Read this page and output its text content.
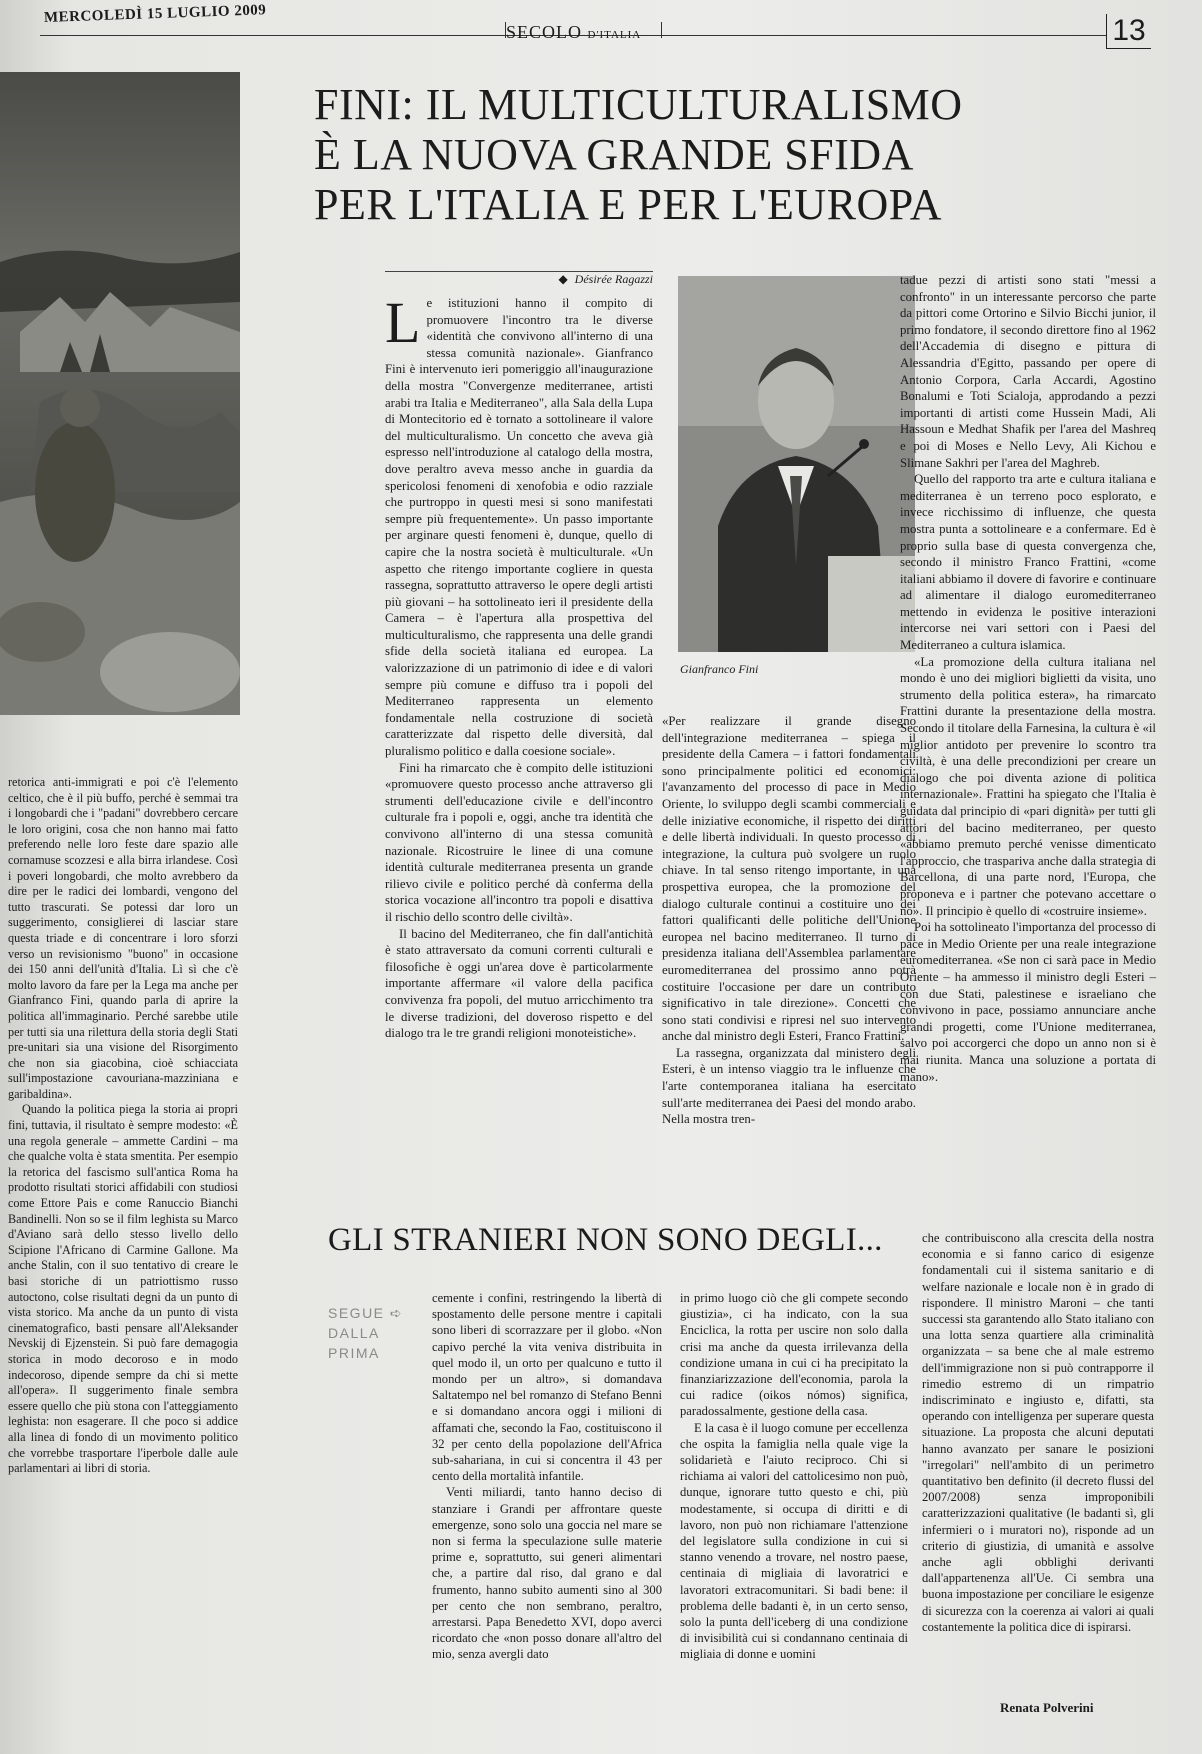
MERCOLEDÌ 15 LUGLIO 2009
SECOLO D'ITALIA	13
FINI: IL MULTICULTURALISMO
È LA NUOVA GRANDE SFIDA
PER L'ITALIA E PER L'EUROPA
◆ Désirée Ragazzi

Le istituzioni hanno il compito di promuovere l'incontro tra le diverse «identità che convivono all'interno di una stessa comunità nazionale». Gianfranco Fini è intervenuto ieri pomeriggio all'inaugurazione della mostra "Convergenze mediterranee, artisti arabi tra Italia e Mediterraneo", alla Sala della Lupa di Montecitorio ed è tornato a sottolineare il valore del multiculturalismo. Un concetto che aveva già espresso nell'introduzione al catalogo della mostra, dove peraltro aveva messo anche in guardia da spericolosi fenomeni di xenofobia e odio razziale che purtroppo in questi mesi si sono manifestati sempre più frequentemente». Un passo importante per arginare questi fenomeni è, dunque, quello di capire che la nostra società è multiculturale. «Un aspetto che ritengo importante cogliere in questa rassegna, soprattutto attraverso le opere degli artisti più giovani – ha sottolineato ieri il presidente della Camera – è l'apertura alla prospettiva del multiculturalismo, che rappresenta una delle grandi sfide della società italiana ed europea. La valorizzazione di un patrimonio di idee e di valori sempre più comune e diffuso tra i popoli del Mediterraneo rappresenta un elemento fondamentale nella costruzione di società caratterizzate dal rispetto delle diversità, dal pluralismo politico e dalla coesione sociale».

Fini ha rimarcato che è compito delle istituzioni «promuovere questo processo anche attraverso gli strumenti dell'educazione civile e dell'incontro culturale fra i popoli e, oggi, anche tra identità che convivono all'interno di una stessa comunità nazionale. Ricostruire le linee di una comune identità culturale mediterranea presenta un grande rilievo civile e politico perché dà conferma della storica vocazione all'incontro tra popoli e disattiva il rischio dello scontro delle civiltà».

Il bacino del Mediterraneo, che fin dall'antichità è stato attraversato da comuni correnti culturali e filosofiche è oggi un'area dove è particolarmente importante affermare «il valore della pacifica convivenza fra popoli, del mutuo arricchimento tra le diverse tradizioni, del doveroso rispetto e del dialogo tra le tre grandi religioni monoteistiche».

Gianfranco Fini

«Per realizzare il grande disegno dell'integrazione mediterranea – spiega il presidente della Camera – i fattori fondamentali sono principalmente politici ed economici: l'avanzamento del processo di pace in Medio Oriente, lo sviluppo degli scambi commerciali e delle iniziative economiche, il rispetto dei diritti e delle libertà individuali. In questo processo di integrazione, la cultura può svolgere un ruolo chiave. In tal senso ritengo importante, in una prospettiva europea, che la promozione del dialogo culturale continui a costituire uno dei fattori qualificanti delle politiche dell'Unione europea nel bacino mediterraneo. Il turno di presidenza italiana dell'Assemblea parlamentare euromediterranea del prossimo anno potrà costituire l'occasione per dare un contributo significativo in tale direzione». Concetti che sono stati condivisi e ripresi nel suo intervento anche dal ministro degli Esteri, Franco Frattini.

La rassegna, organizzata dal ministero degli Esteri, è un intenso viaggio tra le influenze che l'arte contemporanea italiana ha esercitato sull'arte mediterranea dei Paesi del mondo arabo. Nella mostra tren-

tadue pezzi di artisti sono stati "messi a confronto" in un interessante percorso che parte da pittori come Ortorino e Silvio Bicchi junior, il primo fondatore, il secondo direttore fino al 1962 dell'Accademia di disegno e pittura di Alessandria d'Egitto, passando per opere di Antonio Corpora, Carla Accardi, Agostino Bonalumi e Toti Scialoja, approdando a pezzi importanti di artisti come Hussein Madi, Ali Hassoun e Medhat Shafik per l'area del Mashreq e poi di Moses e Nello Levy, Ali Kichou e Slimane Sakhri per l'area del Maghreb.

Quello del rapporto tra arte e cultura italiana e mediterranea è un terreno poco esplorato, e invece ricchissimo di influenze, che questa mostra punta a sottolineare e a confermare. Ed è proprio sulla base di questa convergenza che, secondo il ministro Franco Frattini, «come italiani abbiamo il dovere di favorire e continuare ad alimentare il dialogo euromediterraneo mettendo in evidenza le positive interazioni intercorse nei vari settori con i Paesi del Mediterraneo a cultura islamica.

«La promozione della cultura italiana nel mondo è uno dei migliori biglietti da visita, uno strumento della politica estera», ha rimarcato Frattini durante la presentazione della mostra. Secondo il titolare della Farnesina, la cultura è «il miglior antidoto per prevenire lo scontro tra civiltà, è una delle precondizioni per creare un dialogo che poi diventa azione di politica internazionale». Frattini ha spiegato che l'Italia è guidata dal principio di «pari dignità» per tutti gli attori del bacino mediterraneo, per questo «abbiamo premuto perché venisse dimenticato l'approccio, che traspariva anche dalla strategia di Barcellona, di una parte nord, l'Europa, che proponeva e i partner che potevano accettare o no». Il principio è quello di «costruire insieme».

Poi ha sottolineato l'importanza del processo di pace in Medio Oriente per una reale integrazione euromediterranea. «Se non ci sarà pace in Medio Oriente – ha ammesso il ministro degli Esteri – con due Stati, palestinese e israeliano che convivono in pace, possiamo annunciare anche grandi progetti, come l'Unione mediterranea, salvo poi accorgerci che dopo un anno non si è mai riunita. Manca una soluzione a portata di mano».

retorica anti-immigrati e poi c'è l'elemento celtico, che è il più buffo, perché è semmai tra i longobardi che i "padani" dovrebbero cercare le loro origini, cosa che non hanno mai fatto preferendo nelle loro feste dare spazio alle cornamuse scozzesi e alla birra irlandese. Così i poveri longobardi, che molto avrebbero da dire per le radici dei lombardi, vengono del tutto trascurati. Se potessi dar loro un suggerimento, consiglierei di lasciar stare questa triade e di concentrare i loro sforzi verso un revisionismo "buono" in occasione dei 150 anni dell'unità d'Italia. Lì sì che c'è molto lavoro da fare per la Lega ma anche per Gianfranco Fini, quando parla di aprire la politica all'immaginario. Perché sarebbe utile per tutti sia una rilettura della storia degli Stati pre-unitari sia una visione del Risorgimento che non sia giacobina, cioè schiacciata sull'impostazione cavouriana-mazziniana e garibaldina».

Quando la politica piega la storia ai propri fini, tuttavia, il risultato è sempre modesto: «È una regola generale – ammette Cardini – ma che qualche volta è stata smentita. Per esempio la retorica del fascismo sull'antica Roma ha prodotto risultati storici affidabili con studiosi come Ettore Pais e come Ranuccio Bianchi Bandinelli. Non so se il film leghista su Marco d'Aviano sarà dello stesso livello dello Scipione l'Africano di Carmine Gallone. Ma anche Stalin, con il suo tentativo di creare le basi storiche di un patriottismo russo autoctono, colse risultati degni da un punto di vista storico. Ma anche da un punto di vista cinematografico, basti pensare all'Aleksander Nevskij di Ejzenstein. Si può fare demagogia storica in modo decoroso e in modo indecoroso, dipende sempre da chi si mette all'opera». Il suggerimento finale sembra essere quello che più stona con l'atteggiamento leghista: non esagerare. Il che poco si addice alla linea di fondo di un movimento politico che vorrebbe trasportare l'iperbole dalle aule parlamentari ai libri di storia.

GLI STRANIERI NON SONO DEGLI...
SEGUE ➪
DALLA
PRIMA

cemente i confini, restringendo la libertà di spostamento delle persone mentre i capitali sono liberi di scorrazzare per il globo. «Non capivo perché la vita veniva distribuita in quel modo il, un orto per qualcuno e tutto il mondo per un altro», si domandava Saltatempo nel bel romanzo di Stefano Benni e si domandano ancora oggi i milioni di affamati che, secondo la Fao, costituiscono il 32 per cento della popolazione dell'Africa sub-sahariana, in cui si concentra il 43 per cento della mortalità infantile.

Venti miliardi, tanto hanno deciso di stanziare i Grandi per affrontare queste emergenze, sono solo una goccia nel mare se non si ferma la speculazione sulle materie prime e, soprattutto, sui generi alimentari che, a partire dal riso, dal grano e dal frumento, hanno subito aumenti sino al 300 per cento che non sembrano, peraltro, arrestarsi. Papa Benedetto XVI, dopo averci ricordato che «non posso donare all'altro del mio, senza avergli dato

in primo luogo ciò che gli compete secondo giustizia», ci ha indicato, con la sua Enciclica, la rotta per uscire non solo dalla crisi ma anche da questa irrilevanza della condizione umana in cui ci ha precipitato la finanziarizzazione dell'economia, parola la cui radice (oikos nómos) significa, paradossalmente, gestione della casa.

E la casa è il luogo comune per eccellenza che ospita la famiglia nella quale vige la solidarietà e l'aiuto reciproco. Chi si richiama ai valori del cattolicesimo non può, dunque, ignorare tutto questo e chi, più modestamente, si occupa di diritti e di lavoro, non può non richiamare l'attenzione del legislatore sulla condizione in cui si stanno venendo a trovare, nel nostro paese, centinaia di migliaia di lavoratrici e lavoratori extracomunitari. Si badi bene: il problema delle badanti è, in un certo senso, solo la punta dell'iceberg di una condizione di invisibilità cui si condannano centinaia di migliaia di donne e uomini

che contribuiscono alla crescita della nostra economia e si fanno carico di esigenze fondamentali cui il sistema sanitario e di welfare nazionale e locale non è in grado di rispondere. Il ministro Maroni – che tanti successi sta garantendo allo Stato italiano con una lotta senza quartiere alla criminalità organizzata – sa bene che al male estremo dell'immigrazione non si può contrapporre il rimedio estremo di un rimpatrio indiscriminato e ingiusto e, difatti, sta operando con intelligenza per superare questa situazione. La proposta che alcuni deputati hanno avanzato per sanare le posizioni "irregolari" nell'ambito di un perimetro quantitativo ben definito (il decreto flussi del 2007/2008) senza improponibili caratterizzazioni qualitative (le badanti sì, gli infermieri o i muratori no), risponde ad un criterio di giustizia, di umanità e assolve anche agli obblighi derivanti dall'appartenenza all'Ue. Ci sembra una buona impostazione per conciliare le esigenze di sicurezza con la coerenza ai valori ai quali costantemente la politica dice di ispirarsi.

Renata Polverini
